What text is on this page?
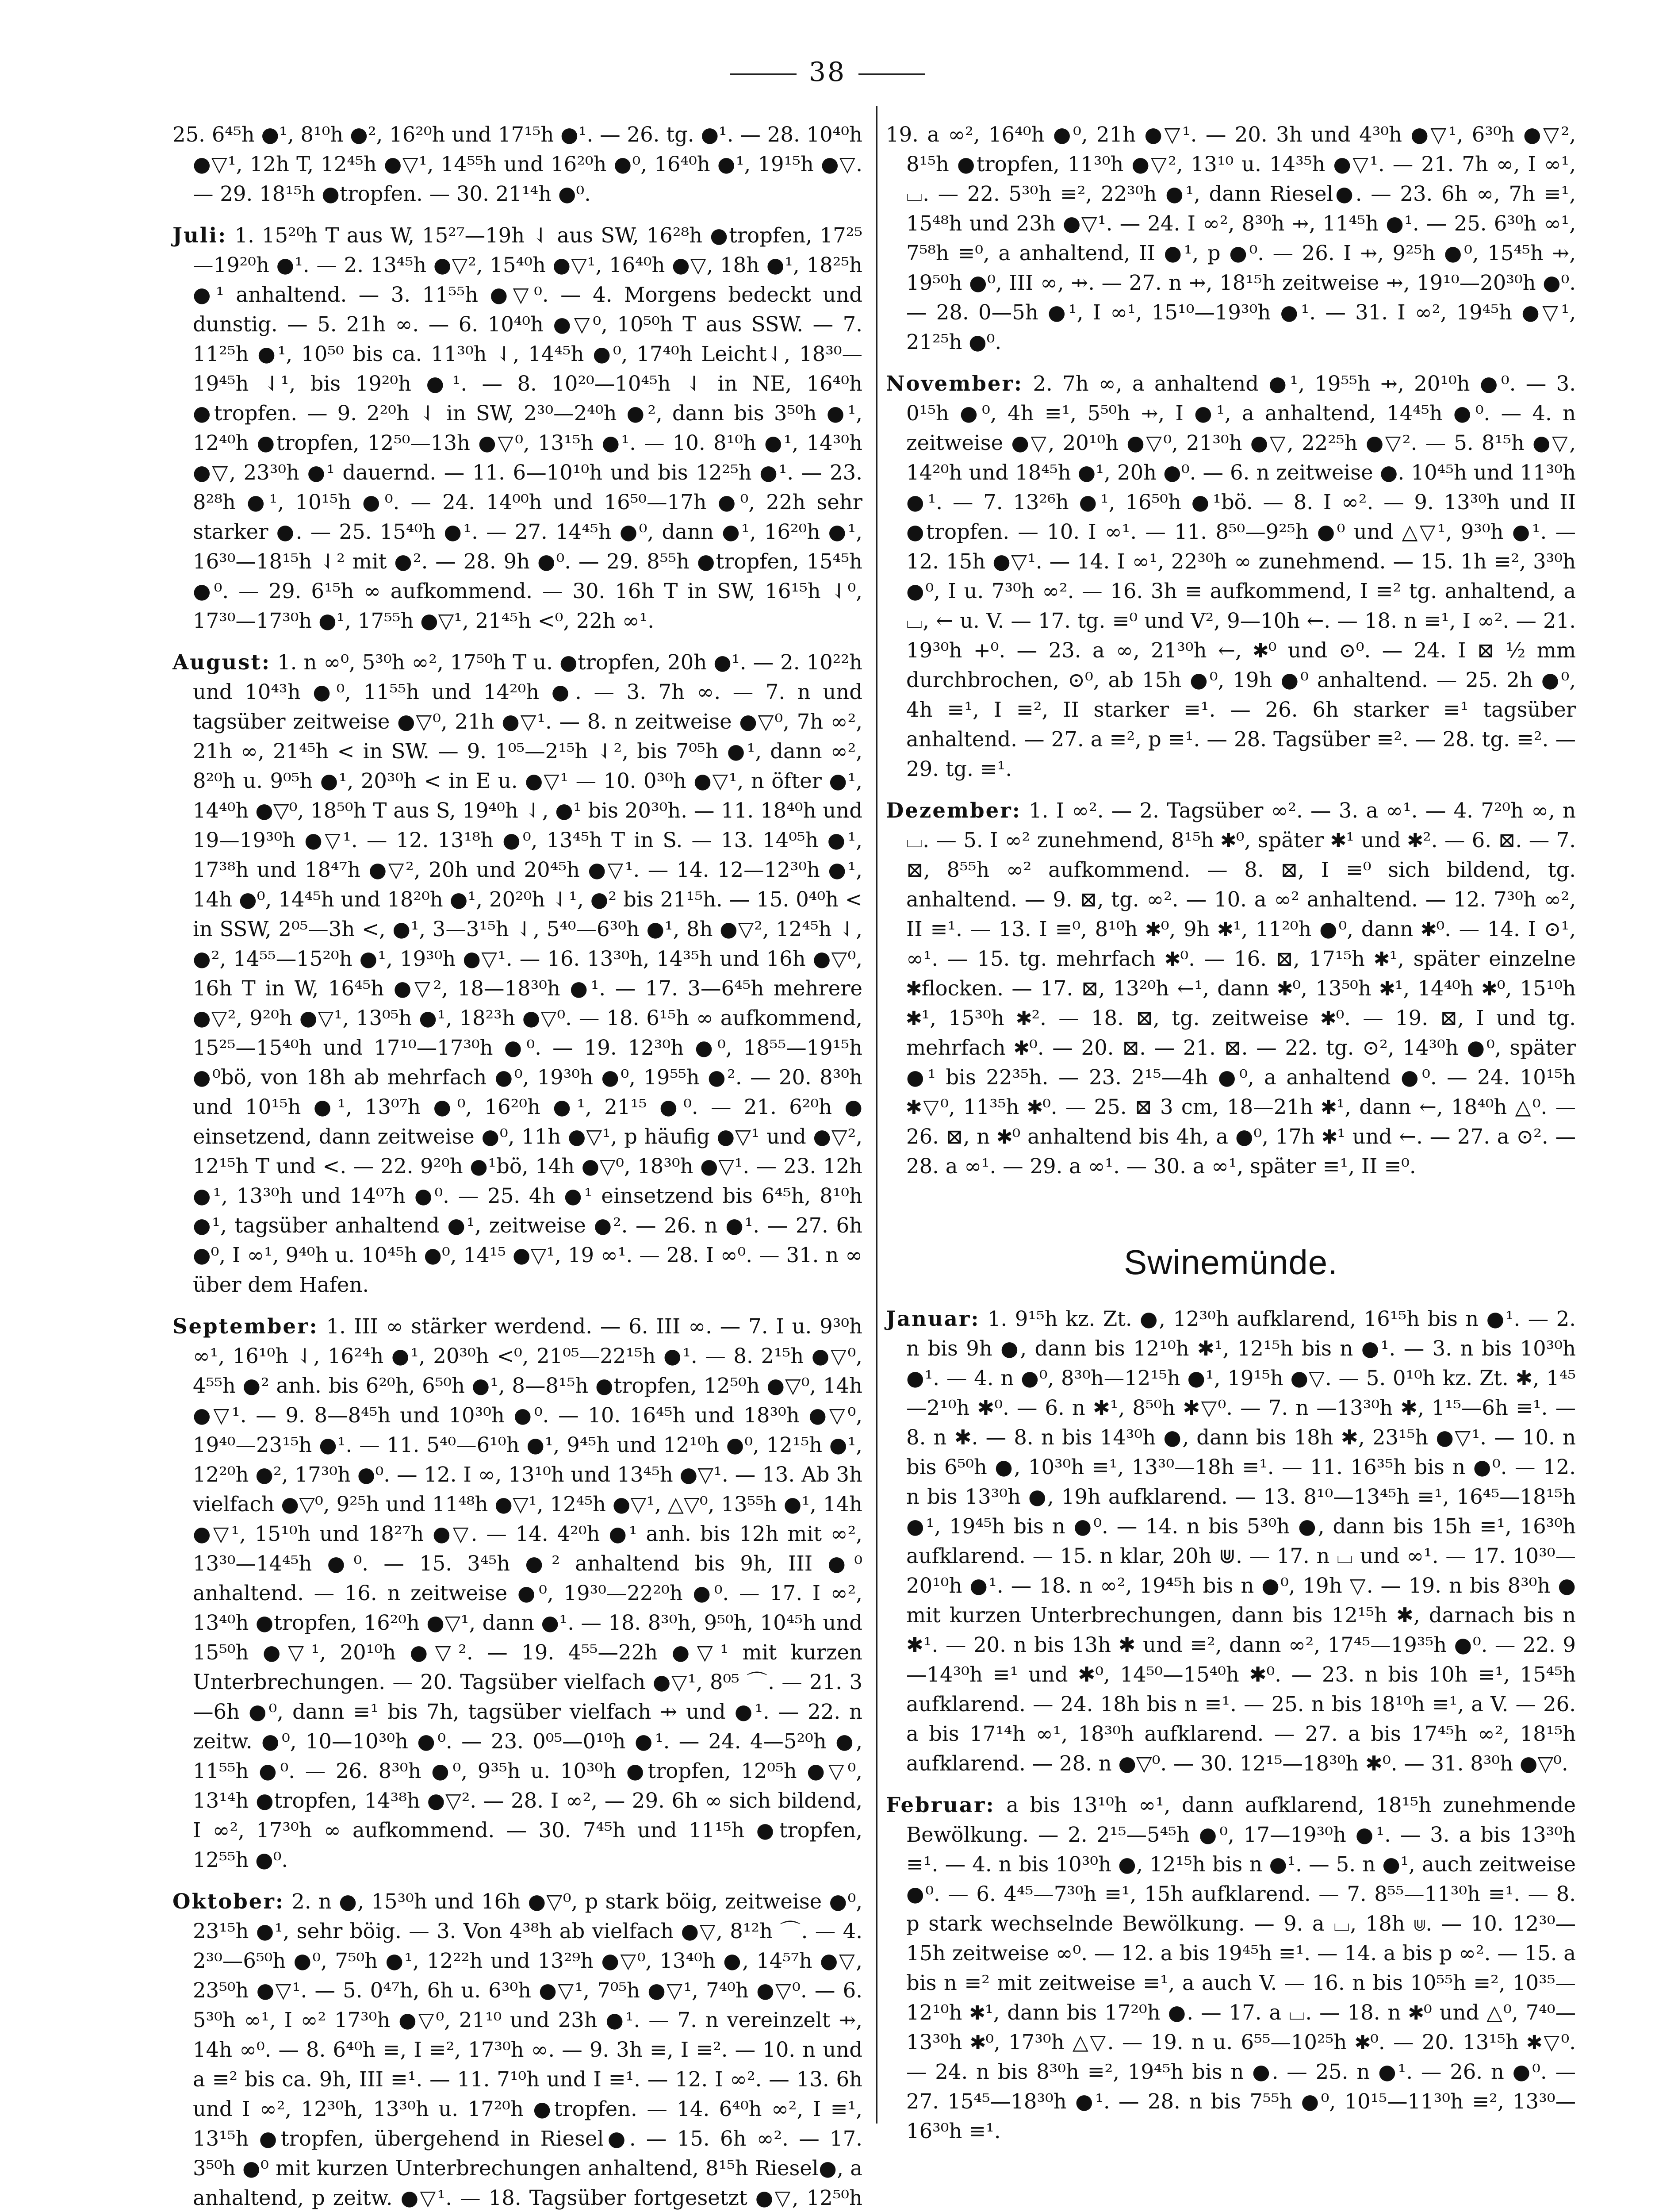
38

25. 6⁴⁵h ●¹, 8¹⁰h ●², 16²⁰h und 17¹⁵h ●¹. — 26. tg. ●¹. — 28. 10⁴⁰h ●▽¹, 12h T, 12⁴⁵h ●▽¹, 14⁵⁵h und 16²⁰h ●⁰, 16⁴⁰h ●¹, 19¹⁵h ●▽. — 29. 18¹⁵h ●tropfen. — 30. 21¹⁴h ●⁰.

Juli: 1. 15²⁰h T aus W, 15²⁷—19h ⇃ aus SW, 16²⁸h ●tropfen, 17²⁵—19²⁰h ●¹. — 2. 13⁴⁵h ●▽², 15⁴⁰h ●▽¹, 16⁴⁰h ●▽, 18h ●¹, 18²⁵h ●¹ anhaltend. — 3. 11⁵⁵h ●▽⁰. — 4. Morgens bedeckt und dunstig. — 5. 21h ∞. — 6. 10⁴⁰h ●▽⁰, 10⁵⁰h T aus SSW. — 7. 11²⁵h ●¹, 10⁵⁰ bis ca. 11³⁰h ⇃, 14⁴⁵h ●⁰, 17⁴⁰h Leicht⇃, 18³⁰—19⁴⁵h ⇃¹, bis 19²⁰h ●¹. — 8. 10²⁰—10⁴⁵h ⇃ in NE, 16⁴⁰h ●tropfen. — 9. 2²⁰h ⇃ in SW, 2³⁰—2⁴⁰h ●², dann bis 3⁵⁰h ●¹, 12⁴⁰h ●tropfen, 12⁵⁰—13h ●▽⁰, 13¹⁵h ●¹. — 10. 8¹⁰h ●¹, 14³⁰h ●▽, 23³⁰h ●¹ dauernd. — 11. 6—10¹⁰h und bis 12²⁵h ●¹. — 23. 8²⁸h ●¹, 10¹⁵h ●⁰. — 24. 14⁰⁰h und 16⁵⁰—17h ●⁰, 22h sehr starker ●. — 25. 15⁴⁰h ●¹. — 27. 14⁴⁵h ●⁰, dann ●¹, 16²⁰h ●¹, 16³⁰—18¹⁵h ⇃² mit ●². — 28. 9h ●⁰. — 29. 8⁵⁵h ●tropfen, 15⁴⁵h ●⁰. — 29. 6¹⁵h ∞ aufkommend. — 30. 16h T in SW, 16¹⁵h ⇃⁰, 17³⁰—17³⁰h ●¹, 17⁵⁵h ●▽¹, 21⁴⁵h <⁰, 22h ∞¹.

August: 1. n ∞⁰, 5³⁰h ∞², 17⁵⁰h T u. ●tropfen, 20h ●¹. — 2. 10²²h und 10⁴³h ●⁰, 11⁵⁵h und 14²⁰h ●. — 3. 7h ∞. — 7. n und tagsüber zeitweise ●▽⁰, 21h ●▽¹. — 8. n zeitweise ●▽⁰, 7h ∞², 21h ∞, 21⁴⁵h < in SW. — 9. 1⁰⁵—2¹⁵h ⇃², bis 7⁰⁵h ●¹, dann ∞², 8²⁰h u. 9⁰⁵h ●¹, 20³⁰h < in E u. ●▽¹ — 10. 0³⁰h ●▽¹, n öfter ●¹, 14⁴⁰h ●▽⁰, 18⁵⁰h T aus S, 19⁴⁰h ⇃, ●¹ bis 20³⁰h. — 11. 18⁴⁰h und 19—19³⁰h ●▽¹. — 12. 13¹⁸h ●⁰, 13⁴⁵h T in S. — 13. 14⁰⁵h ●¹, 17³⁸h und 18⁴⁷h ●▽², 20h und 20⁴⁵h ●▽¹. — 14. 12—12³⁰h ●¹, 14h ●⁰, 14⁴⁵h und 18²⁰h ●¹, 20²⁰h ⇃¹, ●² bis 21¹⁵h. — 15. 0⁴⁰h < in SSW, 2⁰⁵—3h <, ●¹, 3—3¹⁵h ⇃, 5⁴⁰—6³⁰h ●¹, 8h ●▽², 12⁴⁵h ⇃, ●², 14⁵⁵—15²⁰h ●¹, 19³⁰h ●▽¹. — 16. 13³⁰h, 14³⁵h und 16h ●▽⁰, 16h T in W, 16⁴⁵h ●▽², 18—18³⁰h ●¹. — 17. 3—6⁴⁵h mehrere ●▽², 9²⁰h ●▽¹, 13⁰⁵h ●¹, 18²³h ●▽⁰. — 18. 6¹⁵h ∞ aufkommend, 15²⁵—15⁴⁰h und 17¹⁰—17³⁰h ●⁰. — 19. 12³⁰h ●⁰, 18⁵⁵—19¹⁵h ●⁰bö, von 18h ab mehrfach ●⁰, 19³⁰h ●⁰, 19⁵⁵h ●². — 20. 8³⁰h und 10¹⁵h ●¹, 13⁰⁷h ●⁰, 16²⁰h ●¹, 21¹⁵ ●⁰. — 21. 6²⁰h ● einsetzend, dann zeitweise ●⁰, 11h ●▽¹, p häufig ●▽¹ und ●▽², 12¹⁵h T und <. — 22. 9²⁰h ●¹bö, 14h ●▽⁰, 18³⁰h ●▽¹. — 23. 12h ●¹, 13³⁰h und 14⁰⁷h ●⁰. — 25. 4h ●¹ einsetzend bis 6⁴⁵h, 8¹⁰h ●¹, tagsüber anhaltend ●¹, zeitweise ●². — 26. n ●¹. — 27. 6h ●⁰, I ∞¹, 9⁴⁰h u. 10⁴⁵h ●⁰, 14¹⁵ ●▽¹, 19 ∞¹. — 28. I ∞⁰. — 31. n ∞ über dem Hafen.

September: 1. III ∞ stärker werdend. — 6. III ∞. — 7. I u. 9³⁰h ∞¹, 16¹⁰h ⇃, 16²⁴h ●¹, 20³⁰h <⁰, 21⁰⁵—22¹⁵h ●¹. — 8. 2¹⁵h ●▽⁰, 4⁵⁵h ●² anh. bis 6²⁰h, 6⁵⁰h ●¹, 8—8¹⁵h ●tropfen, 12⁵⁰h ●▽⁰, 14h ●▽¹. — 9. 8—8⁴⁵h und 10³⁰h ●⁰. — 10. 16⁴⁵h und 18³⁰h ●▽⁰, 19⁴⁰—23¹⁵h ●¹. — 11. 5⁴⁰—6¹⁰h ●¹, 9⁴⁵h und 12¹⁰h ●⁰, 12¹⁵h ●¹, 12²⁰h ●², 17³⁰h ●⁰. — 12. I ∞, 13¹⁰h und 13⁴⁵h ●▽¹. — 13. Ab 3h vielfach ●▽⁰, 9²⁵h und 11⁴⁸h ●▽¹, 12⁴⁵h ●▽¹, △▽⁰, 13⁵⁵h ●¹, 14h ●▽¹, 15¹⁰h und 18²⁷h ●▽. — 14. 4²⁰h ●¹ anh. bis 12h mit ∞², 13³⁰—14⁴⁵h ●⁰. — 15. 3⁴⁵h ●² anhaltend bis 9h, III ●⁰ anhaltend. — 16. n zeitweise ●⁰, 19³⁰—22²⁰h ●⁰. — 17. I ∞², 13⁴⁰h ●tropfen, 16²⁰h ●▽¹, dann ●¹. — 18. 8³⁰h, 9⁵⁰h, 10⁴⁵h und 15⁵⁰h ●▽¹, 20¹⁰h ●▽². — 19. 4⁵⁵—22h ●▽¹ mit kurzen Unterbrechungen. — 20. Tagsüber vielfach ●▽¹, 8⁰⁵ ⌒. — 21. 3—6h ●⁰, dann ≡¹ bis 7h, tagsüber vielfach ⇸ und ●¹. — 22. n zeitw. ●⁰, 10—10³⁰h ●⁰. — 23. 0⁰⁵—0¹⁰h ●¹. — 24. 4—5²⁰h ●, 11⁵⁵h ●⁰. — 26. 8³⁰h ●⁰, 9³⁵h u. 10³⁰h ●tropfen, 12⁰⁵h ●▽⁰, 13¹⁴h ●tropfen, 14³⁸h ●▽². — 28. I ∞², — 29. 6h ∞ sich bildend, I ∞², 17³⁰h ∞ aufkommend. — 30. 7⁴⁵h und 11¹⁵h ●tropfen, 12⁵⁵h ●⁰.

Oktober: 2. n ●, 15³⁰h und 16h ●▽⁰, p stark böig, zeitweise ●⁰, 23¹⁵h ●¹, sehr böig. — 3. Von 4³⁸h ab vielfach ●▽, 8¹²h ⌒. — 4. 2³⁰—6⁵⁰h ●⁰, 7⁵⁰h ●¹, 12²²h und 13²⁹h ●▽⁰, 13⁴⁰h ●, 14⁵⁷h ●▽, 23⁵⁰h ●▽¹. — 5. 0⁴⁷h, 6h u. 6³⁰h ●▽¹, 7⁰⁵h ●▽¹, 7⁴⁰h ●▽⁰. — 6. 5³⁰h ∞¹, I ∞² 17³⁰h ●▽⁰, 21¹⁰ und 23h ●¹. — 7. n vereinzelt ⇸, 14h ∞⁰. — 8. 6⁴⁰h ≡, I ≡², 17³⁰h ∞. — 9. 3h ≡, I ≡². — 10. n und a ≡² bis ca. 9h, III ≡¹. — 11. 7¹⁰h und I ≡¹. — 12. I ∞². — 13. 6h und I ∞², 12³⁰h, 13³⁰h u. 17²⁰h ●tropfen. — 14. 6⁴⁰h ∞², I ≡¹, 13¹⁵h ●tropfen, übergehend in Riesel●. — 15. 6h ∞². — 17. 3⁵⁰h ●⁰ mit kurzen Unterbrechungen anhaltend, 8¹⁵h Riesel●, a anhaltend, p zeitw. ●▽¹. — 18. Tagsüber fortgesetzt ●▽, 12⁵⁰h

19. a ∞², 16⁴⁰h ●⁰, 21h ●▽¹. — 20. 3h und 4³⁰h ●▽¹, 6³⁰h ●▽², 8¹⁵h ●tropfen, 11³⁰h ●▽², 13¹⁰ u. 14³⁵h ●▽¹. — 21. 7h ∞, I ∞¹, ⌴. — 22. 5³⁰h ≡², 22³⁰h ●¹, dann Riesel●. — 23. 6h ∞, 7h ≡¹, 15⁴⁸h und 23h ●▽¹. — 24. I ∞², 8³⁰h ⇸, 11⁴⁵h ●¹. — 25. 6³⁰h ∞¹, 7⁵⁸h ≡⁰, a anhaltend, II ●¹, p ●⁰. — 26. I ⇸, 9²⁵h ●⁰, 15⁴⁵h ⇸, 19⁵⁰h ●⁰, III ∞, ⇸. — 27. n ⇸, 18¹⁵h zeitweise ⇸, 19¹⁰—20³⁰h ●⁰. — 28. 0—5h ●¹, I ∞¹, 15¹⁰—19³⁰h ●¹. — 31. I ∞², 19⁴⁵h ●▽¹, 21²⁵h ●⁰.

November: 2. 7h ∞, a anhaltend ●¹, 19⁵⁵h ⇸, 20¹⁰h ●⁰. — 3. 0¹⁵h ●⁰, 4h ≡¹, 5⁵⁰h ⇸, I ●¹, a anhaltend, 14⁴⁵h ●⁰. — 4. n zeitweise ●▽, 20¹⁰h ●▽⁰, 21³⁰h ●▽, 22²⁵h ●▽². — 5. 8¹⁵h ●▽, 14²⁰h und 18⁴⁵h ●¹, 20h ●⁰. — 6. n zeitweise ●. 10⁴⁵h und 11³⁰h ●¹. — 7. 13²⁶h ●¹, 16⁵⁰h ●¹bö. — 8. I ∞². — 9. 13³⁰h und II ●tropfen. — 10. I ∞¹. — 11. 8⁵⁰—9²⁵h ●⁰ und △▽¹, 9³⁰h ●¹. — 12. 15h ●▽¹. — 14. I ∞¹, 22³⁰h ∞ zunehmend. — 15. 1h ≡², 3³⁰h ●⁰, I u. 7³⁰h ∞². — 16. 3h ≡ aufkommend, I ≡² tg. anhaltend, a ⌴, ← u. V. — 17. tg. ≡⁰ und V², 9—10h ←. — 18. n ≡¹, I ∞². — 21. 19³⁰h +⁰. — 23. a ∞, 21³⁰h ←, ✱⁰ und ⊙⁰. — 24. I ⊠ ½ mm durchbrochen, ⊙⁰, ab 15h ●⁰, 19h ●⁰ anhaltend. — 25. 2h ●⁰, 4h ≡¹, I ≡², II starker ≡¹. — 26. 6h starker ≡¹ tagsüber anhaltend. — 27. a ≡², p ≡¹. — 28. Tagsüber ≡². — 28. tg. ≡². — 29. tg. ≡¹.

Dezember: 1. I ∞². — 2. Tagsüber ∞². — 3. a ∞¹. — 4. 7²⁰h ∞, n ⌴. — 5. I ∞² zunehmend, 8¹⁵h ✱⁰, später ✱¹ und ✱². — 6. ⊠. — 7. ⊠, 8⁵⁵h ∞² aufkommend. — 8. ⊠, I ≡⁰ sich bildend, tg. anhaltend. — 9. ⊠, tg. ∞². — 10. a ∞² anhaltend. — 12. 7³⁰h ∞², II ≡¹. — 13. I ≡⁰, 8¹⁰h ✱⁰, 9h ✱¹, 11²⁰h ●⁰, dann ✱⁰. — 14. I ⊙¹, ∞¹. — 15. tg. mehrfach ✱⁰. — 16. ⊠, 17¹⁵h ✱¹, später einzelne ✱flocken. — 17. ⊠, 13²⁰h ←¹, dann ✱⁰, 13⁵⁰h ✱¹, 14⁴⁰h ✱⁰, 15¹⁰h ✱¹, 15³⁰h ✱². — 18. ⊠, tg. zeitweise ✱⁰. — 19. ⊠, I und tg. mehrfach ✱⁰. — 20. ⊠. — 21. ⊠. — 22. tg. ⊙², 14³⁰h ●⁰, später ●¹ bis 22³⁵h. — 23. 2¹⁵—4h ●⁰, a anhaltend ●⁰. — 24. 10¹⁵h ✱▽⁰, 11³⁵h ✱⁰. — 25. ⊠ 3 cm, 18—21h ✱¹, dann ←, 18⁴⁰h △⁰. — 26. ⊠, n ✱⁰ anhaltend bis 4h, a ●⁰, 17h ✱¹ und ←. — 27. a ⊙². — 28. a ∞¹. — 29. a ∞¹. — 30. a ∞¹, später ≡¹, II ≡⁰.

Swinemünde.

Januar: 1. 9¹⁵h kz. Zt. ●, 12³⁰h aufklarend, 16¹⁵h bis n ●¹. — 2. n bis 9h ●, dann bis 12¹⁰h ✱¹, 12¹⁵h bis n ●¹. — 3. n bis 10³⁰h ●¹. — 4. n ●⁰, 8³⁰h—12¹⁵h ●¹, 19¹⁵h ●▽. — 5. 0¹⁰h kz. Zt. ✱, 1⁴⁵—2¹⁰h ✱⁰. — 6. n ✱¹, 8⁵⁰h ✱▽⁰. — 7. n —13³⁰h ✱, 1¹⁵—6h ≡¹. — 8. n ✱. — 8. n bis 14³⁰h ●, dann bis 18h ✱, 23¹⁵h ●▽¹. — 10. n bis 6⁵⁰h ●, 10³⁰h ≡¹, 13³⁰—18h ≡¹. — 11. 16³⁵h bis n ●⁰. — 12. n bis 13³⁰h ●, 19h aufklarend. — 13. 8¹⁰—13⁴⁵h ≡¹, 16⁴⁵—18¹⁵h ●¹, 19⁴⁵h bis n ●⁰. — 14. n bis 5³⁰h ●, dann bis 15h ≡¹, 16³⁰h aufklarend. — 15. n klar, 20h ⋓. — 17. n ⌴ und ∞¹. — 17. 10³⁰—20¹⁰h ●¹. — 18. n ∞², 19⁴⁵h bis n ●⁰, 19h ▽. — 19. n bis 8³⁰h ● mit kurzen Unterbrechungen, dann bis 12¹⁵h ✱, darnach bis n ✱¹. — 20. n bis 13h ✱ und ≡², dann ∞², 17⁴⁵—19³⁵h ●⁰. — 22. 9—14³⁰h ≡¹ und ✱⁰, 14⁵⁰—15⁴⁰h ✱⁰. — 23. n bis 10h ≡¹, 15⁴⁵h aufklarend. — 24. 18h bis n ≡¹. — 25. n bis 18¹⁰h ≡¹, a V. — 26. a bis 17¹⁴h ∞¹, 18³⁰h aufklarend. — 27. a bis 17⁴⁵h ∞², 18¹⁵h aufklarend. — 28. n ●▽⁰. — 30. 12¹⁵—18³⁰h ✱⁰. — 31. 8³⁰h ●▽⁰.

Februar: a bis 13¹⁰h ∞¹, dann aufklarend, 18¹⁵h zunehmende Bewölkung. — 2. 2¹⁵—5⁴⁵h ●⁰, 17—19³⁰h ●¹. — 3. a bis 13³⁰h ≡¹. — 4. n bis 10³⁰h ●, 12¹⁵h bis n ●¹. — 5. n ●¹, auch zeitweise ●⁰. — 6. 4⁴⁵—7³⁰h ≡¹, 15h aufklarend. — 7. 8⁵⁵—11³⁰h ≡¹. — 8. p stark wechselnde Bewölkung. — 9. a ⌴, 18h ⋓. — 10. 12³⁰—15h zeitweise ∞⁰. — 12. a bis 19⁴⁵h ≡¹. — 14. a bis p ∞². — 15. a bis n ≡² mit zeitweise ≡¹, a auch V. — 16. n bis 10⁵⁵h ≡², 10³⁵—12¹⁰h ✱¹, dann bis 17²⁰h ●. — 17. a ⌴. — 18. n ✱⁰ und △⁰, 7⁴⁰—13³⁰h ✱⁰, 17³⁰h △▽. — 19. n u. 6⁵⁵—10²⁵h ✱⁰. — 20. 13¹⁵h ✱▽⁰. — 24. n bis 8³⁰h ≡², 19⁴⁵h bis n ●. — 25. n ●¹. — 26. n ●⁰. — 27. 15⁴⁵—18³⁰h ●¹. — 28. n bis 7⁵⁵h ●⁰, 10¹⁵—11³⁰h ≡², 13³⁰—16³⁰h ≡¹.
